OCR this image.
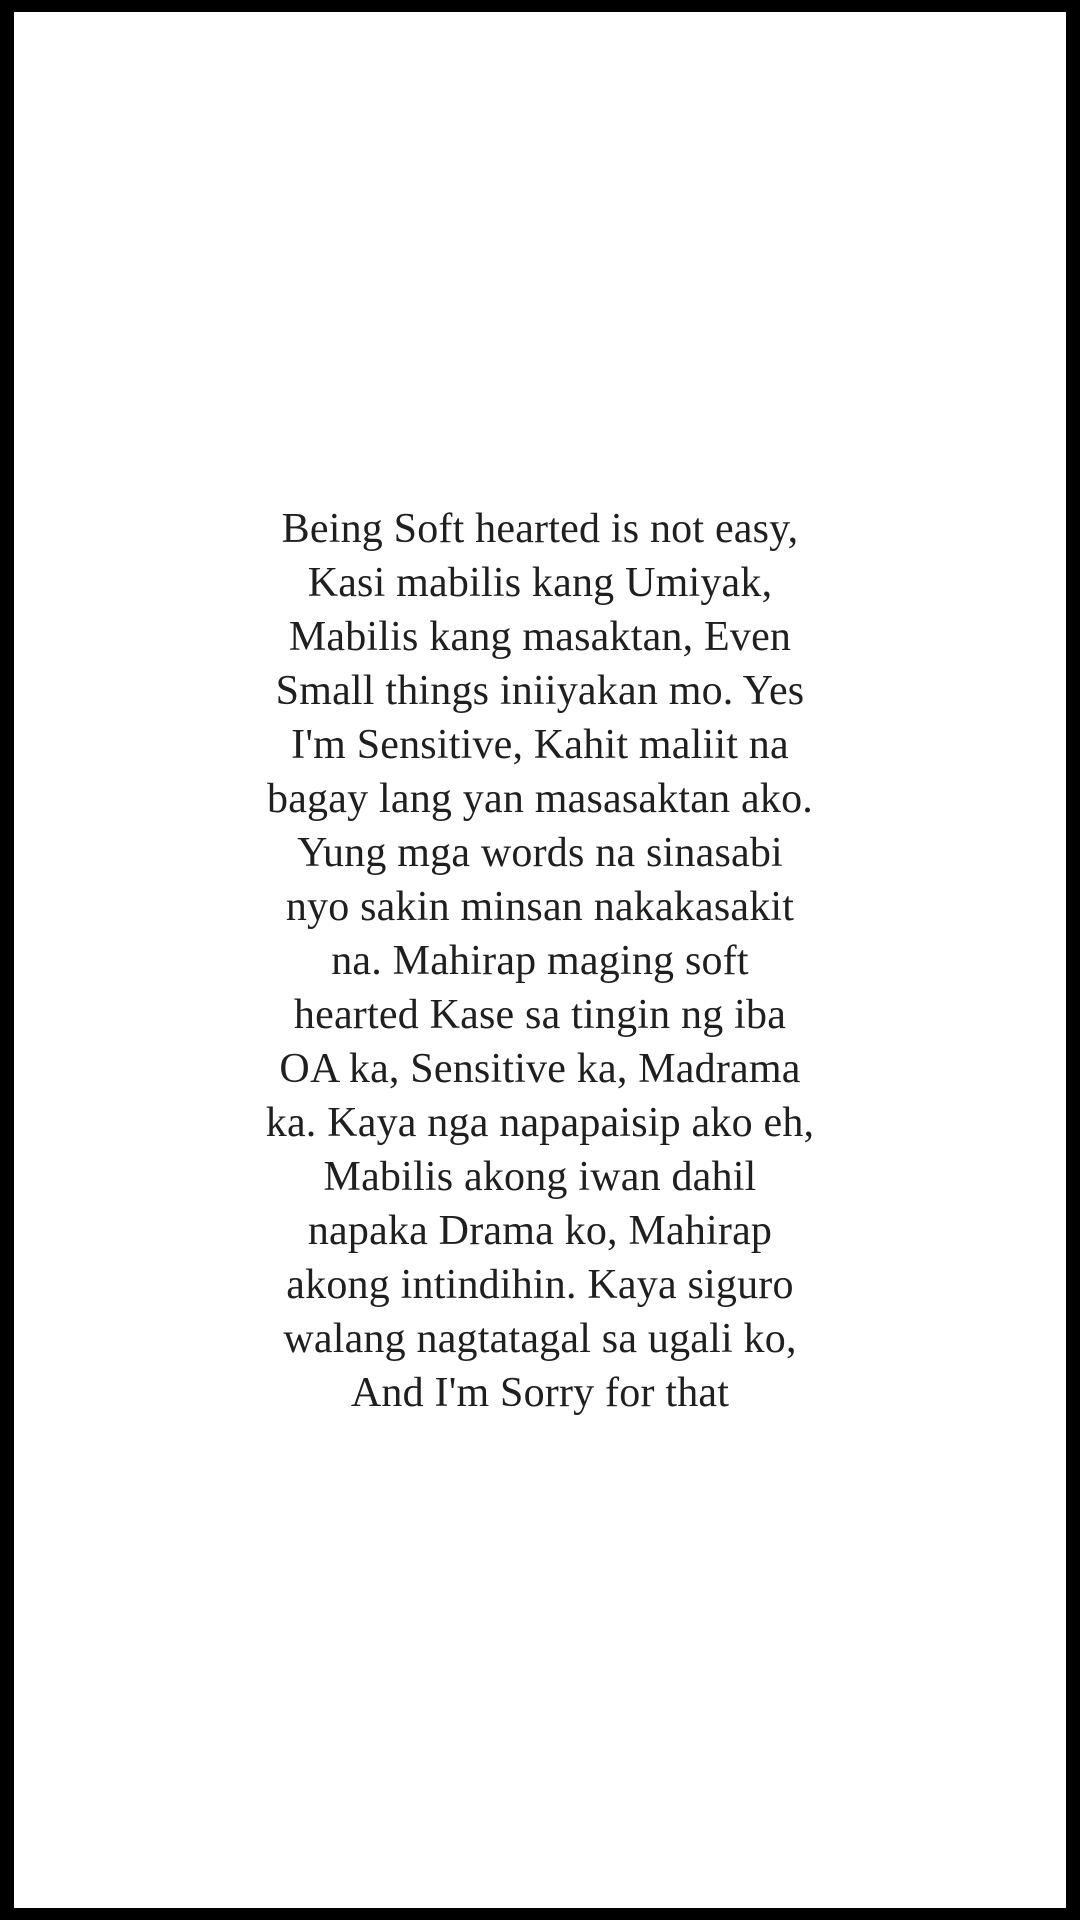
Being Soft hearted is not easy,
Kasi mabilis kang Umiyak,
Mabilis kang masaktan, Even
Small things iniiyakan mo. Yes
I'm Sensitive, Kahit maliit na
bagay lang yan masasaktan ako.
Yung mga words na sinasabi
nyo sakin minsan nakakasakit
na. Mahirap maging soft
hearted Kase sa tingin ng iba
OA ka, Sensitive ka, Madrama
ka. Kaya nga napapaisip ako eh,
Mabilis akong iwan dahil
napaka Drama ko, Mahirap
akong intindihin. Kaya siguro
walang nagtatagal sa ugali ko,
And I'm Sorry for that
